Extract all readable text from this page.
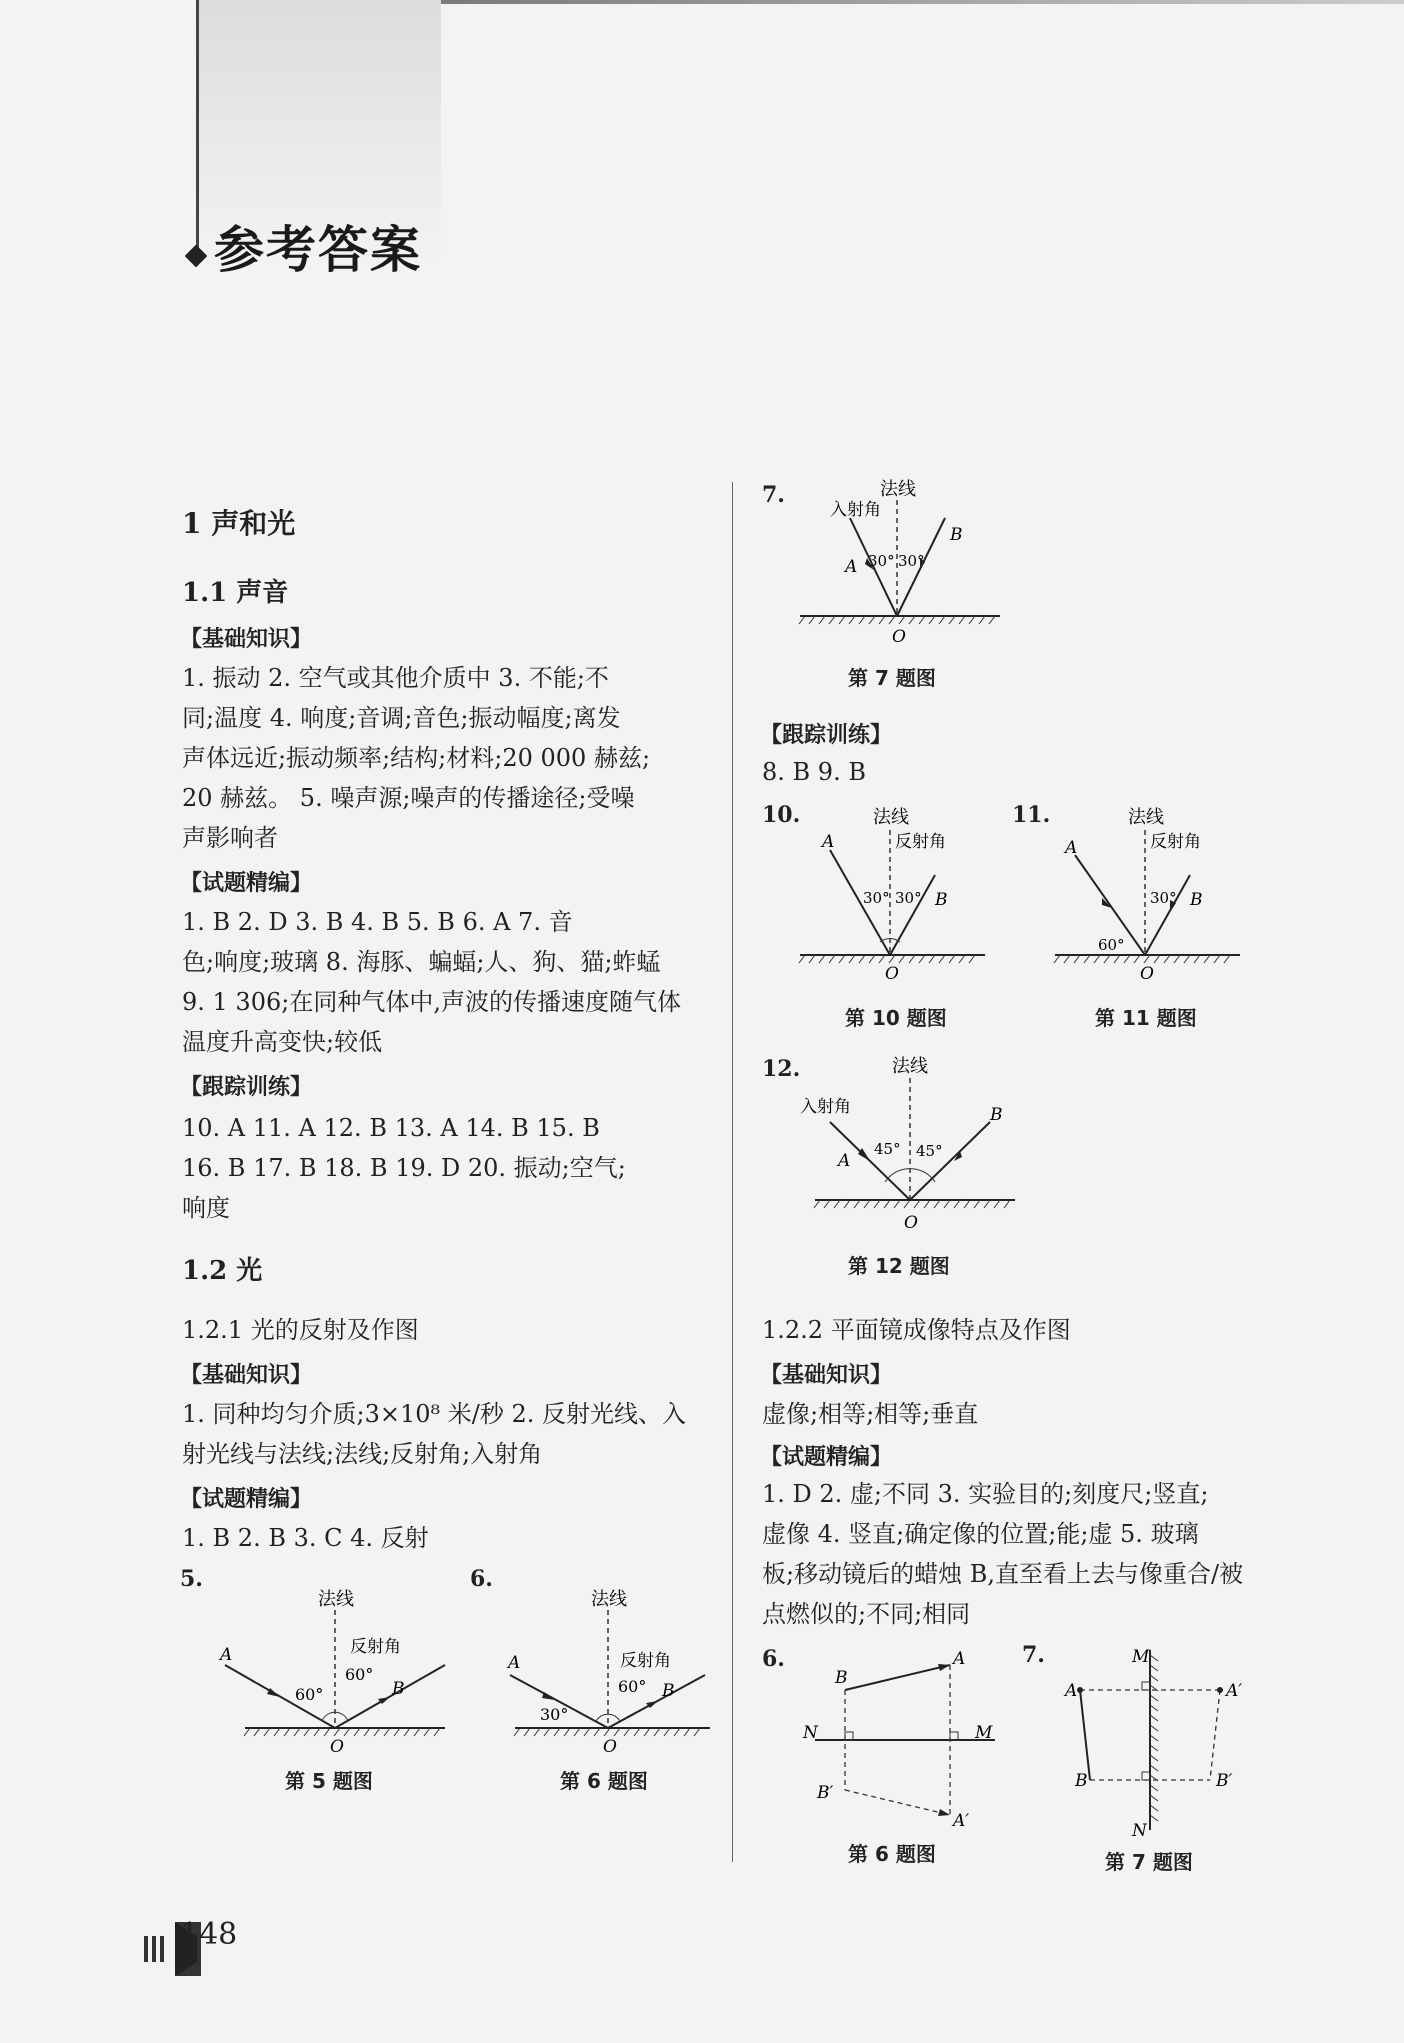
参考答案
1 声和光
1.1 声音
【基础知识】
1. 振动 2. 空气或其他介质中 3. 不能;不
同;温度 4. 响度;音调;音色;振动幅度;离发
声体远近;振动频率;结构;材料;20 000 赫兹;
20 赫兹。 5. 噪声源;噪声的传播途径;受噪
声影响者
【试题精编】
1. B 2. D 3. B 4. B 5. B 6. A 7. 音
色;响度;玻璃 8. 海豚、蝙蝠;人、狗、猫;蚱蜢
9. 1 306;在同种气体中,声波的传播速度随气体
温度升高变快;较低
【跟踪训练】
10. A 11. A 12. B 13. A 14. B 15. B
16. B 17. B 18. B 19. D 20. 振动;空气;
响度
1.2 光
1.2.1 光的反射及作图
【基础知识】
1. 同种均匀介质;3×10⁸ 米/秒 2. 反射光线、入
射光线与法线;法线;反射角;入射角
【试题精编】
1. B 2. B 3. C 4. 反射
5.	6.
法线
反射角
A
B
60°
60°
O
第 5 题图
法线
反射角
A
B
30°
60°
O
第 6 题图
7.	法线
入射角
B
A 30° 30°
O
第 7 题图
【跟踪训练】
8. B 9. B
10.	11.
法线
反射角
A
B
30° 30°
O
第 10 题图
法线
反射角
A
B
30°
60°
O
第 11 题图
12.	法线
入射角	B
A
45° 45°
O
第 12 题图
1.2.2 平面镜成像特点及作图
【基础知识】
虚像;相等;相等;垂直
【试题精编】
1. D 2. 虚;不同 3. 实验目的;刻度尺;竖直;
虚像 4. 竖直;确定像的位置;能;虚 5. 玻璃
板;移动镜后的蜡烛 B,直至看上去与像重合/被
点燃似的;不同;相同
6.	7.
B
A
N	M
B′
A′
第 6 题图
M
N
A	A′
B	B′
第 7 题图

148
